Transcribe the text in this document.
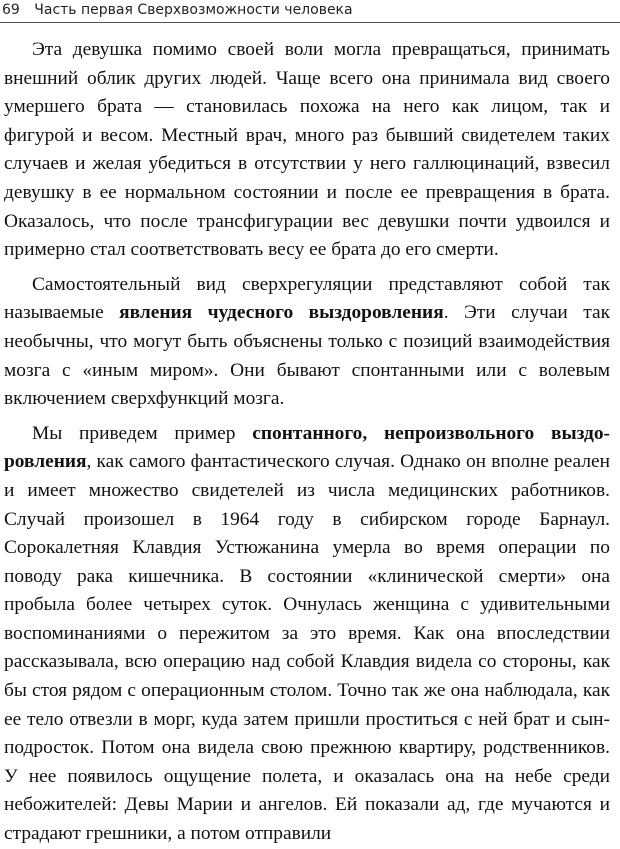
69 Часть первая Сверхвозможности человека

Эта девушка помимо своей воли могла превращаться, принимать внешний облик других людей. Чаще всего она принимала вид своего умершего брата — становилась похожа на него как лицом, так и фигурой и весом. Местный врач, много раз бывший свидетелем таких случаев и желая убедиться в отсутствии у него галлюцинаций, взвесил девушку в ее нормальном состоянии и после ее превращения в брата. Оказалось, что после трансфигурации вес девушки почти удвоился и примерно стал соответствовать весу ее брата до его смерти.

Самостоятельный вид сверхрегуляции представляют собой так называемые явления чудесного выздоровления. Эти случаи так необычны, что могут быть объяснены только с позиций взаимодействия мозга с «иным миром». Они бывают спонтанными или с волевым включением сверхфункций мозга.

Мы приведем пример спонтанного, непроизвольного выздоровления, как самого фантастического случая. Однако он вполне реален и имеет множество свидетелей из числа медицинских работников. Случай произошел в 1964 году в сибирском городе Барнаул. Сорокалетняя Клавдия Устюжанина умерла во время операции по поводу рака кишечника. В состоянии «клинической смерти» она пробыла более четырех суток. Очнулась женщина с удивительными воспоминаниями о пережитом за это время. Как она впоследствии рассказывала, всю операцию над собой Клавдия видела со стороны, как бы стоя рядом с операционным столом. Точно так же она наблюдала, как ее тело отвезли в морг, куда затем пришли проститься с ней брат и сын-подросток. Потом она видела свою прежнюю квартиру, родственников. У нее появилось ощущение полета, и оказалась она на небе среди небожителей: Девы Марии и ангелов. Ей показали ад, где мучаются и страдают грешники, а потом отправили
